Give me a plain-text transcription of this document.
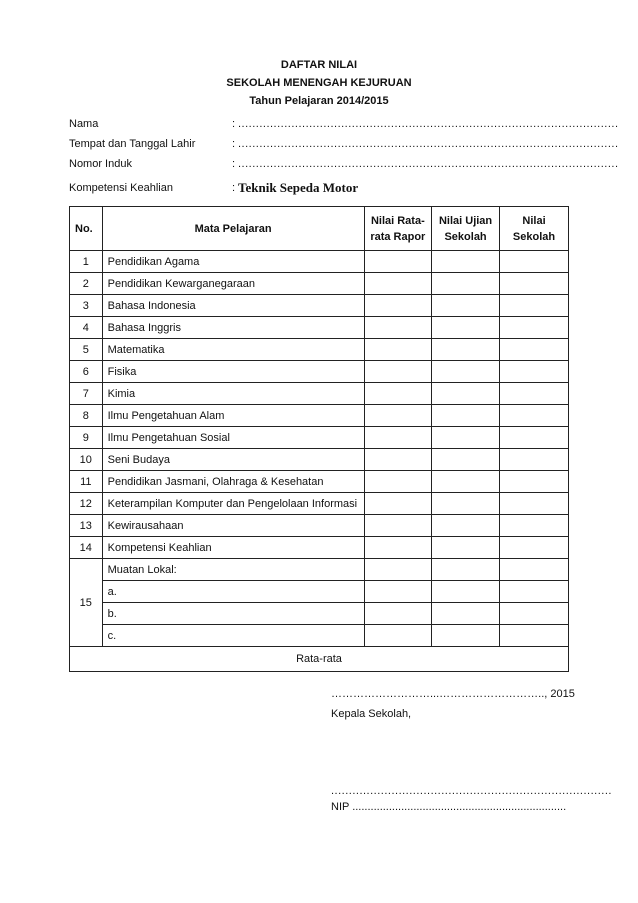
DAFTAR NILAI
SEKOLAH MENENGAH KEJURUAN
Tahun Pelajaran 2014/2015
Nama	: ...........................................................................................................
Tempat dan Tanggal Lahir	: ...........................................................................................................
Nomor Induk	: ...........................................................................................................
Kompetensi Keahlian	: Teknik Sepeda Motor
No.	Mata Pelajaran	Nilai Rata-rata Rapor	Nilai Ujian Sekolah	Nilai Sekolah
1	Pendidikan Agama			
2	Pendidikan Kewarganegaraan			
3	Bahasa Indonesia			
4	Bahasa Inggris			
5	Matematika			
6	Fisika			
7	Kimia			
8	Ilmu Pengetahuan Alam			
9	Ilmu Pengetahuan Sosial			
10	Seni Budaya			
11	Pendidikan Jasmani, Olahraga & Kesehatan			
12	Keterampilan Komputer dan Pengelolaan Informasi			
13	Kewirausahaan			
14	Kompetensi Keahlian			
15	Muatan Lokal:			
	a.			
	b.			
	c.			
Rata-rata				
………………………...……………………….., 2015
Kepala Sekolah,
...............................................................................
NIP ......................................................................
